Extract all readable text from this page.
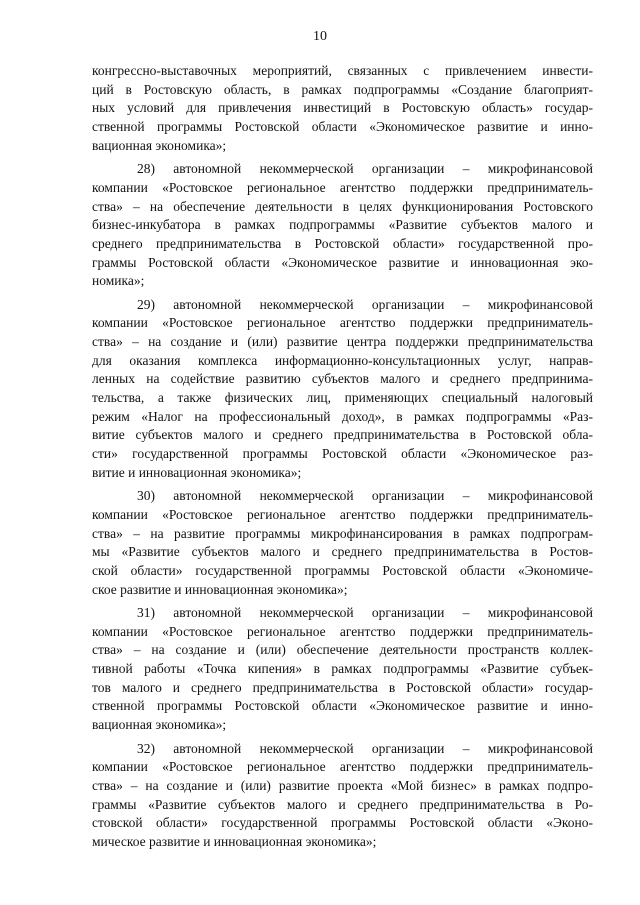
10

конгрессно-выставочных мероприятий, связанных с привлечением инвести-
ций в Ростовскую область, в рамках подпрограммы «Создание благоприят-
ных условий для привлечения инвестиций в Ростовскую область» государ-
ственной программы Ростовской области «Экономическое развитие и инно-
вационная экономика»;

28) автономной некоммерческой организации – микрофинансовой
компании «Ростовское региональное агентство поддержки предприниматель-
ства» – на обеспечение деятельности в целях функционирования Ростовского
бизнес-инкубатора в рамках подпрограммы «Развитие субъектов малого и
среднего предпринимательства в Ростовской области» государственной про-
граммы Ростовской области «Экономическое развитие и инновационная эко-
номика»;

29) автономной некоммерческой организации – микрофинансовой
компании «Ростовское региональное агентство поддержки предприниматель-
ства» – на создание и (или) развитие центра поддержки предпринимательства
для оказания комплекса информационно-консультационных услуг, направ-
ленных на содействие развитию субъектов малого и среднего предпринима-
тельства, а также физических лиц, применяющих специальный налоговый
режим «Налог на профессиональный доход», в рамках подпрограммы «Раз-
витие субъектов малого и среднего предпринимательства в Ростовской обла-
сти» государственной программы Ростовской области «Экономическое раз-
витие и инновационная экономика»;

30) автономной некоммерческой организации – микрофинансовой
компании «Ростовское региональное агентство поддержки предприниматель-
ства» – на развитие программы микрофинансирования в рамках подпрограм-
мы «Развитие субъектов малого и среднего предпринимательства в Ростов-
ской области» государственной программы Ростовской области «Экономиче-
ское развитие и инновационная экономика»;

31) автономной некоммерческой организации – микрофинансовой
компании «Ростовское региональное агентство поддержки предприниматель-
ства» – на создание и (или) обеспечение деятельности пространств коллек-
тивной работы «Точка кипения» в рамках подпрограммы «Развитие субъек-
тов малого и среднего предпринимательства в Ростовской области» государ-
ственной программы Ростовской области «Экономическое развитие и инно-
вационная экономика»;

32) автономной некоммерческой организации – микрофинансовой
компании «Ростовское региональное агентство поддержки предприниматель-
ства» – на создание и (или) развитие проекта «Мой бизнес» в рамках подпро-
граммы «Развитие субъектов малого и среднего предпринимательства в Ро-
стовской области» государственной программы Ростовской области «Эконо-
мическое развитие и инновационная экономика»;
